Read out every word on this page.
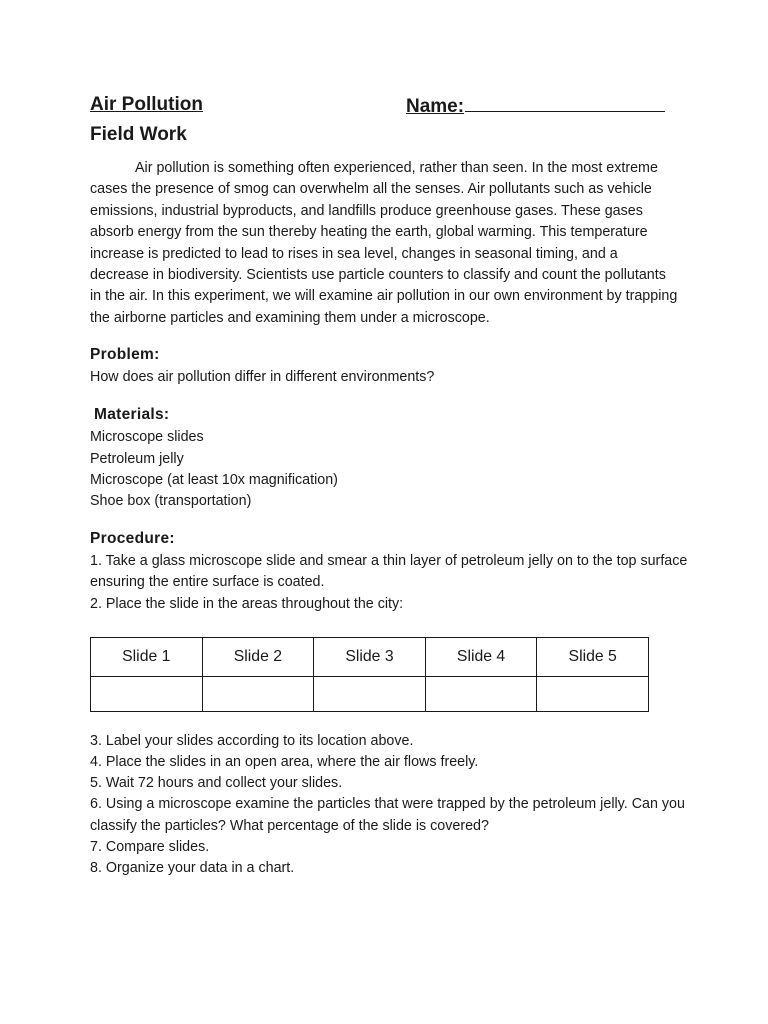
Air Pollution	Name:
Field Work

Air pollution is something often experienced, rather than seen. In the most extreme cases the presence of smog can overwhelm all the senses. Air pollutants such as vehicle emissions, industrial byproducts, and landfills produce greenhouse gases. These gases absorb energy from the sun thereby heating the earth, global warming. This temperature increase is predicted to lead to rises in sea level, changes in seasonal timing, and a decrease in biodiversity. Scientists use particle counters to classify and count the pollutants in the air. In this experiment, we will examine air pollution in our own environment by trapping the airborne particles and examining them under a microscope.

Problem:

How does air pollution differ in different environments?

Materials:
Microscope slides
Petroleum jelly
Microscope (at least 10x magnification)
Shoe box (transportation)
Procedure:
1. Take a glass microscope slide and smear a thin layer of petroleum jelly on to the top surface ensuring the entire surface is coated.
2. Place the slide in the areas throughout the city:
Slide 1	Slide 2	Slide 3	Slide 4	Slide 5

3. Label your slides according to its location above.
4. Place the slides in an open area, where the air flows freely.
5. Wait 72 hours and collect your slides.
6. Using a microscope examine the particles that were trapped by the petroleum jelly. Can you classify the particles? What percentage of the slide is covered?
7. Compare slides.
8. Organize your data in a chart.
